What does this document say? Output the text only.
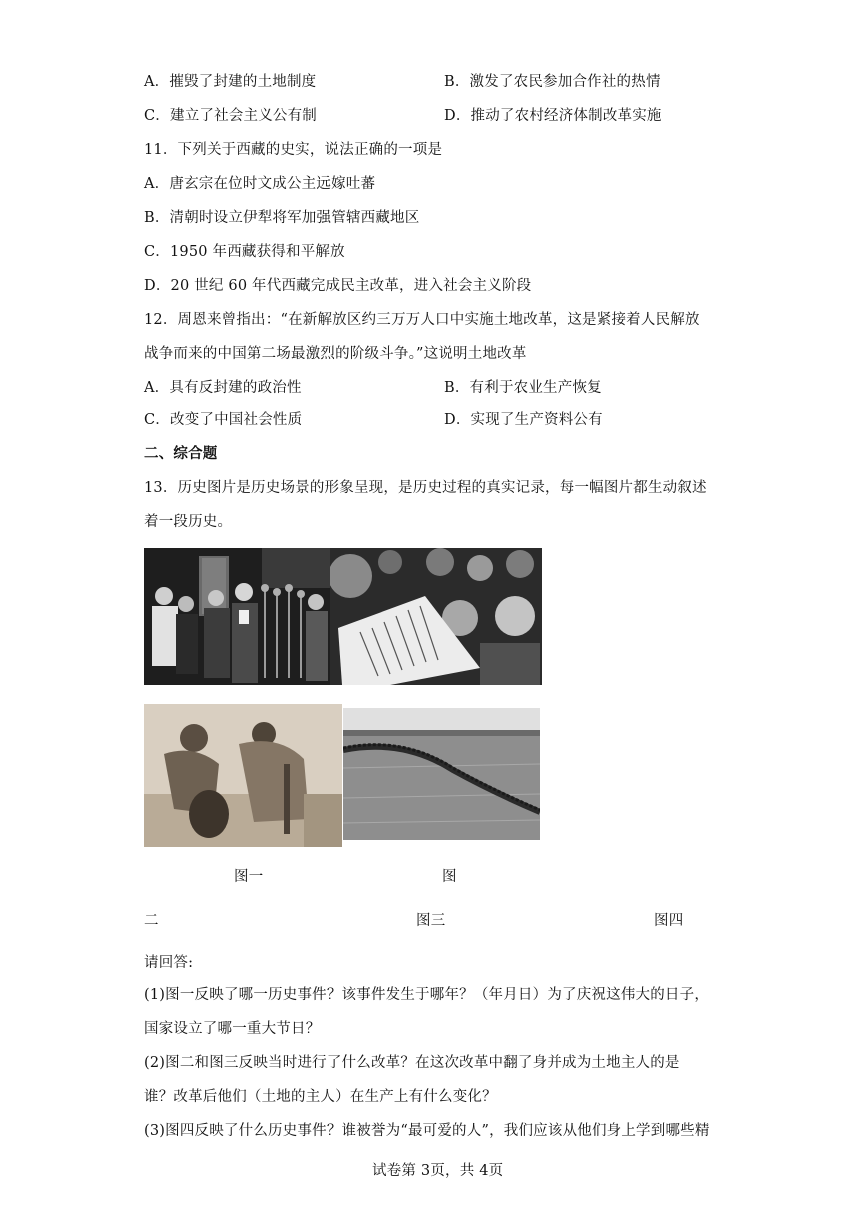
A．摧毁了封建的土地制度	B．激发了农民参加合作社的热情
C．建立了社会主义公有制	D．推动了农村经济体制改革实施
11．下列关于西藏的史实，说法正确的一项是
A．唐玄宗在位时文成公主远嫁吐蕃
B．清朝时设立伊犁将军加强管辖西藏地区
C．1950 年西藏获得和平解放
D．20 世纪 60 年代西藏完成民主改革，进入社会主义阶段
12．周恩来曾指出：“在新解放区约三万万人口中实施土地改革，这是紧接着人民解放
战争而来的中国第二场最激烈的阶级斗争。”这说明土地改革
A．具有反封建的政治性	B．有利于农业生产恢复
C．改变了中国社会性质	D．实现了生产资料公有
二、综合题
13．历史图片是历史场景的形象呈现，是历史过程的真实记录，每一幅图片都生动叙述
着一段历史。
图一	图
二	图三	图四
请回答:
(1)图一反映了哪一历史事件？该事件发生于哪年？（年月日）为了庆祝这伟大的日子，
国家设立了哪一重大节日？
(2)图二和图三反映当时进行了什么改革？在这次改革中翻了身并成为土地主人的是
谁？改革后他们（土地的主人）在生产上有什么变化？
(3)图四反映了什么历史事件？谁被誉为“最可爱的人”，我们应该从他们身上学到哪些精
试卷第 3页，共 4页
